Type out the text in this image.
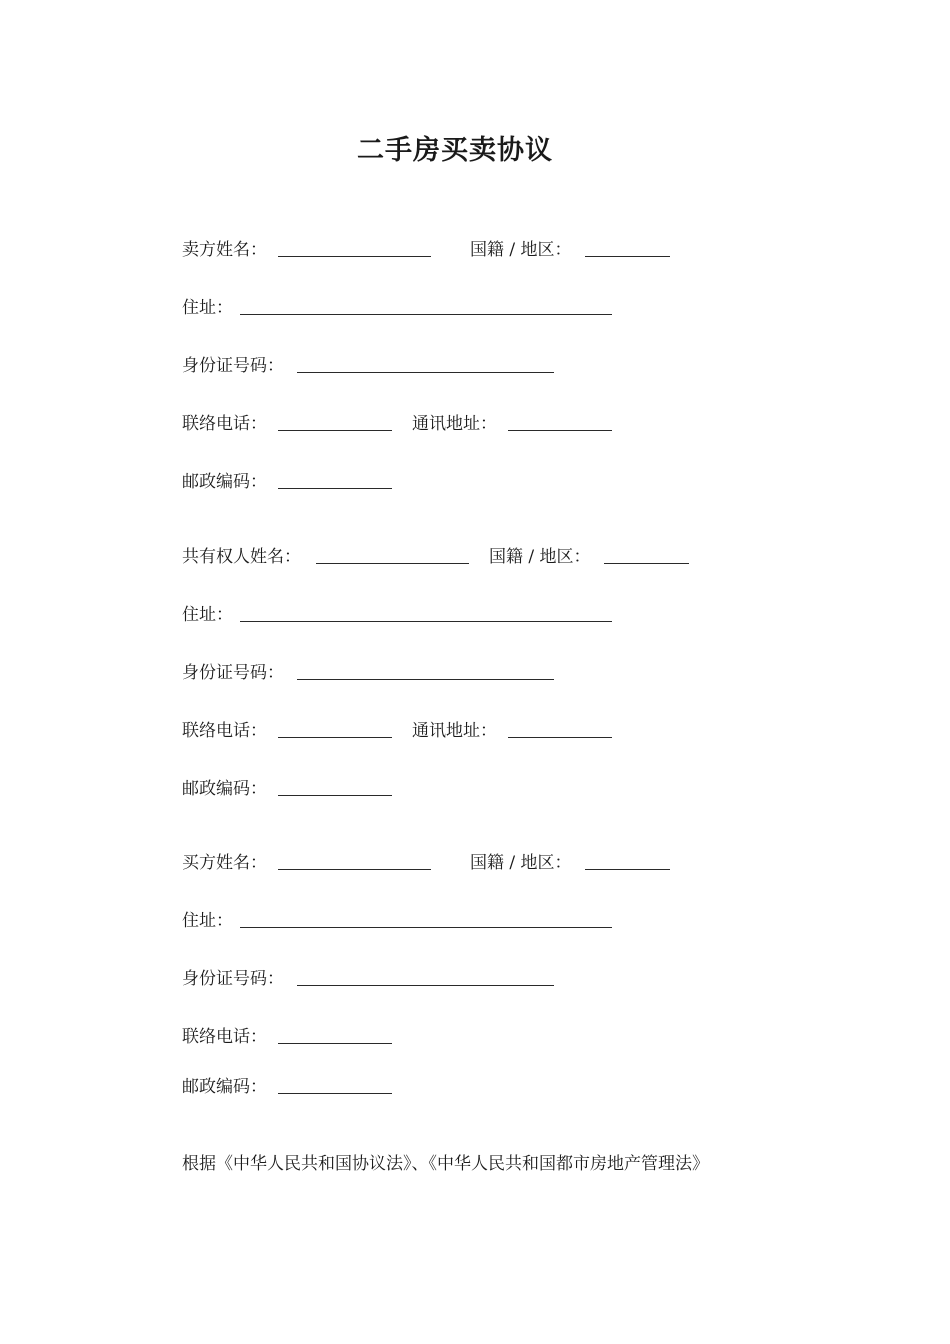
二手房买卖协议
卖方姓名：	国籍 / 地区：
住址：
身份证号码：
联络电话：	通讯地址：
邮政编码：
共有权人姓名：	国籍 / 地区：
住址：
身份证号码：
联络电话：	通讯地址：
邮政编码：
买方姓名：	国籍 / 地区：
住址：
身份证号码：
联络电话：
邮政编码：
根据《中华人民共和国协议法》、《中华人民共和国都市房地产管理法》
